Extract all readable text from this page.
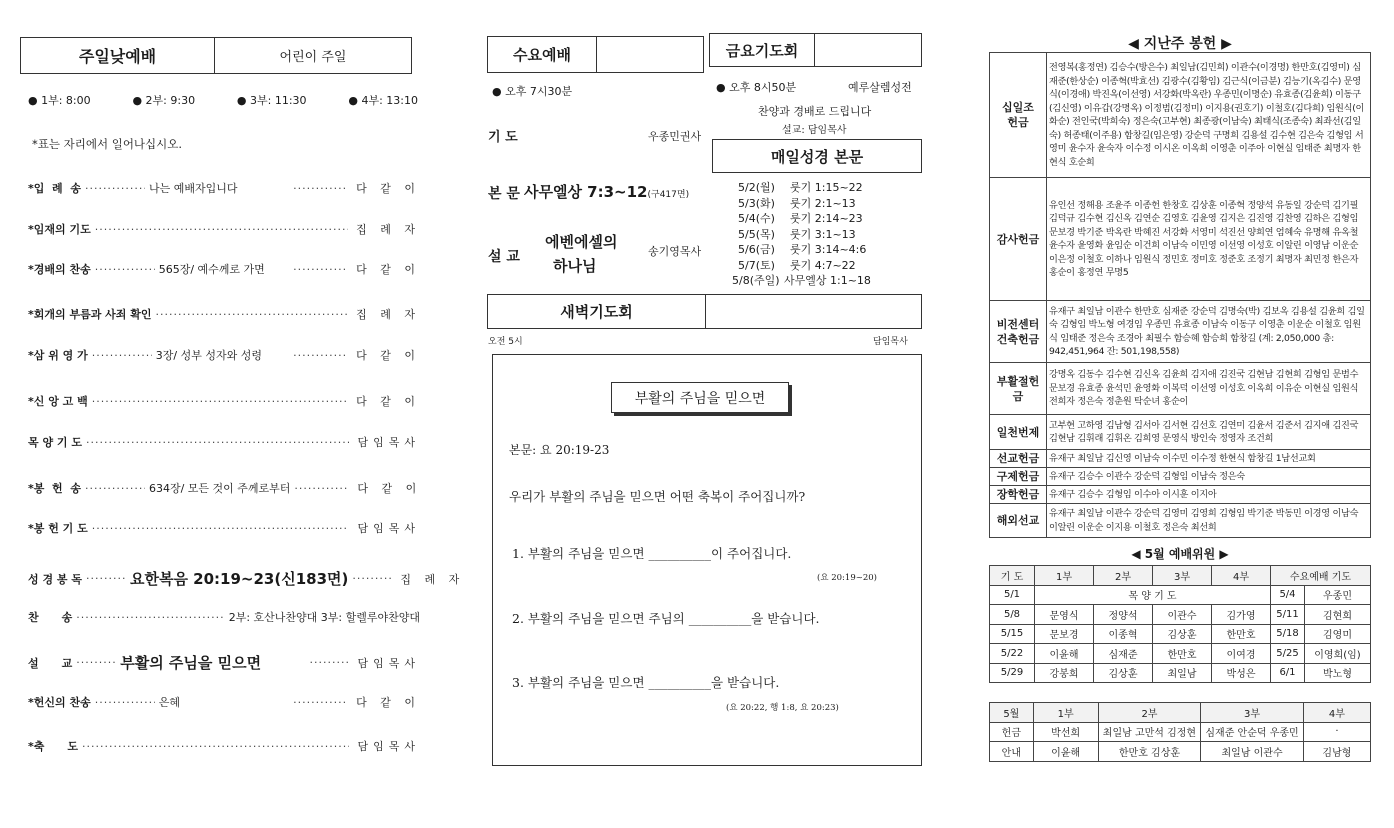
주일낮예배	어린이 주일
● 1부: 8:00	● 2부: 9:30	● 3부: 11:30	● 4부: 13:10
*표는 자리에서 일어나십시오.
*입  례  송 ·····	나는 예배자입니다 ·····	다 같 이
*임재의 기도 ·····	집 례 자
*경배의 찬송 ·····	565장/ 예수께로 가면 ·····	다 같 이
*회개의 부름과 사죄 확인 ·····	집 례 자
*삼 위 영 가 ·····	3장/ 성부 성자와 성령 ·····	다 같 이
*신 앙 고 백 ·····	다 같 이
목 양 기 도 ·····	담임목사
*봉  헌  송 ·····	634장/ 모든 것이 주께로부터 ·····	다 같 이
*봉 헌 기 도 ·····	담임목사
성 경 봉 독 ·····	요한복음 20:19~23(신183면) ·····	집 례 자
찬      송 ·····	2부: 호산나찬양대 3부: 할렐루야찬양대
설      교 ·····	부활의 주님을 믿으면 ·····	담임목사
*헌신의 찬송 ·····	은혜 ·····	다 같 이
*축      도 ·····	담임목사
수요예배
● 오후 7시30분
기 도	우종민권사
본 문 사무엘상 7:3~12(구417면)
설 교
에벤에셀의
하나님
송기영목사
금요기도회
● 오후 8시50분	예루살렘성전
찬양과 경배로 드립니다
설교: 담임목사
매일성경 본문
5/2(월) 룻기 1:15~22
5/3(화) 룻기 2:1~13
5/4(수) 룻기 2:14~23
5/5(목) 룻기 3:1~13
5/6(금) 룻기 3:14~4:6
5/7(토) 룻기 4:7~22
5/8(주일) 사무엘상 1:1~18
새벽기도회
오전 5시	담임목사
부활의 주님을 믿으면
본문: 요 20:19-23
우리가 부활의 주님을 믿으면 어떤 축복이 주어집니까?
1. 부활의 주님을 믿으면 __________이 주어집니다.
(요 20:19~20)
2. 부활의 주님을 믿으면 주님의 __________을 받습니다.
3. 부활의 주님을 믿으면 __________을 받습니다.
(요 20:22, 행 1:8, 요 20:23)
◀ 지난주 봉헌 ▶
십일조
헌금	전영복(홍정연) 김승수(방은수) 최일남(김민희) 이관수(이경명) 한만호(김영미) 심재준(한상순) 이종혁(박효선) 김광수(김황임) 김근식(이금분) 김능기(옥김수) 문영식(이경애) 박진옥(이선영) 서강화(박옥란) 우종민(이명순) 유효종(김윤희) 이동구(김신영) 이유갑(강명옥) 이정범(김정미) 이지용(권호기) 이철호(김다희) 임원식(이화순) 전인국(박희숙) 정은숙(고부현) 최종광(이남숙) 최태식(조종숙) 최좌선(김일숙) 허종태(이주용) 함창길(임은영) 강순덕 구명희 김용설 김수현 김은숙 김형임 서영미 윤수자 윤숙자 이수정 이시온 이옥희 이영춘 이주아 이현실 임태준 최명자 한현식 호순희
감사헌금	유인선 정해용 조윤주 이종헌 한창호 김상훈 이종혁 정양석 유동일 강순덕 김기필 김덕규 김수현 김신옥 김연순 김영호 김윤영 김지은 김진영 김찬영 김하은 김형임 문보경 박기준 박옥란 박혜진 서강화 서영미 석진선 양희연 엄혜숙 유명해 유옥철 윤수자 윤영화 윤임순 이건희 이남숙 이민영 이선영 이성호 이알린 이영남 이운순 이은정 이철호 이하나 임원식 정민호 정미호 정준호 조정기 최명자 최민정 한은자 홍순이 홍정연 무명5
비전센터
건축헌금	유재구 최일남 이관수 한만호 심재준 강순덕 김명숙(박) 김보옥 김용설 김윤희 김일숙 김형임 박노형 여경임 우종민 유효종 이남숙 이동구 이영춘 이운순 이철호 임원식 임태준 정은숙 조경아 최필수 함승혜 함승희 함창길 (계: 2,050,000 총: 942,451,964 잔: 501,198,558)
부활절헌금	강명옥 김동수 김수현 김신옥 김윤희 김지애 김진국 김현남 김현희 김형임 문범수 문보경 유효종 윤석민 윤영화 이복덕 이선영 이성호 이옥희 이유순 이현실 임원식 전희자 정은숙 정춘원 탁순녀 홍순이
일천번제	고부현 고하영 김남형 김서아 김서현 김선호 김연미 김윤서 김준서 김지애 김진국 김현남 김휘래 김휘온 김희영 문영식 방인숙 정영자 조건희
선교헌금	유재구 최일남 김신영 이남숙 이수민 이수정 한현식 함창길 1남선교회
구제헌금	유재구 김승수 이관수 강순덕 김형임 이남숙 정은숙
장학헌금	유재구 김승수 김형임 이수아 이시훈 이지아
해외선교	유재구 최일남 이관수 강순덕 김영미 김영희 김형임 박기준 박동민 이경영 이남숙 이알린 이운순 이지용 이철호 정은숙 최선희
◀ 5월 예배위원 ▶
기 도	1부	2부	3부	4부	수요예배 기도	
5/1	목 양 기 도				5/4	우종민
5/8	문영식	정양석	이관수	김가영	5/11	김현희
5/15	문보경	이종혁	김상훈	한만호	5/18	김영미
5/22	이윤해	심재준	한만호	이여경	5/25	이영희(임)
5/29	강봉희	김상훈	최일남	박성은	6/1	박노형
5월	1부	2부	3부	4부
헌금	박선희	최일남 고만석 김정현	심재준 안순덕 우종민	·
안내	이윤해	한만호 김상훈	최일남 이관수	김남형
